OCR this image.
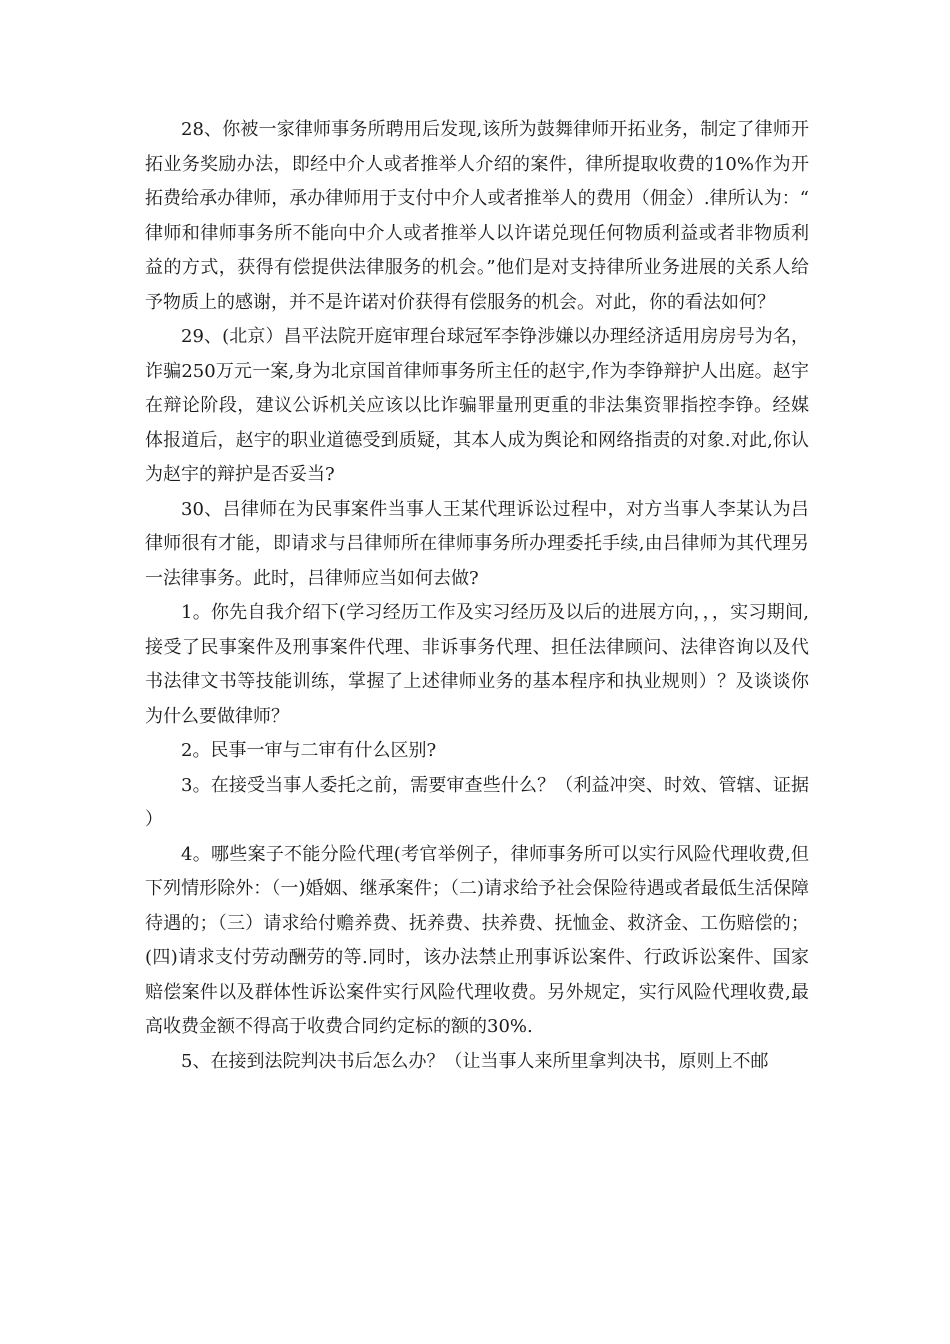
28、你被一家律师事务所聘用后发现,该所为鼓舞律师开拓业务，制定了律师开拓业务奖励办法，即经中介人或者推举人介绍的案件，律所提取收费的10%作为开拓费给承办律师，承办律师用于支付中介人或者推举人的费用（佣金）.律所认为：“律师和律师事务所不能向中介人或者推举人以许诺兑现任何物质利益或者非物质利益的方式，获得有偿提供法律服务的机会。”他们是对支持律所业务进展的关系人给予物质上的感谢，并不是许诺对价获得有偿服务的机会。对此，你的看法如何？

29、(北京）昌平法院开庭审理台球冠军李铮涉嫌以办理经济适用房房号为名，诈骗250万元一案,身为北京国首律师事务所主任的赵宇,作为李铮辩护人出庭。赵宇在辩论阶段，建议公诉机关应该以比诈骗罪量刑更重的非法集资罪指控李铮。经媒体报道后，赵宇的职业道德受到质疑，其本人成为舆论和网络指责的对象.对此,你认为赵宇的辩护是否妥当?

30、吕律师在为民事案件当事人王某代理诉讼过程中，对方当事人李某认为吕律师很有才能，即请求与吕律师所在律师事务所办理委托手续,由吕律师为其代理另一法律事务。此时，吕律师应当如何去做?

1。你先自我介绍下(学习经历工作及实习经历及以后的进展方向，，，实习期间,接受了民事案件及刑事案件代理、非诉事务代理、担任法律顾问、法律咨询以及代书法律文书等技能训练，掌握了上述律师业务的基本程序和执业规则）？及谈谈你为什么要做律师？

2。民事一审与二审有什么区别?

3。在接受当事人委托之前，需要审查些什么？（利益冲突、时效、管辖、证据）

4。哪些案子不能分险代理(考官举例子，律师事务所可以实行风险代理收费,但下列情形除外：（一)婚姻、继承案件；（二)请求给予社会保险待遇或者最低生活保障待遇的；（三）请求给付赡养费、抚养费、扶养费、抚恤金、救济金、工伤赔偿的；(四)请求支付劳动酬劳的等.同时，该办法禁止刑事诉讼案件、行政诉讼案件、国家赔偿案件以及群体性诉讼案件实行风险代理收费。另外规定，实行风险代理收费,最高收费金额不得高于收费合同约定标的额的30%.

5、在接到法院判决书后怎么办？（让当事人来所里拿判决书，原则上不邮
